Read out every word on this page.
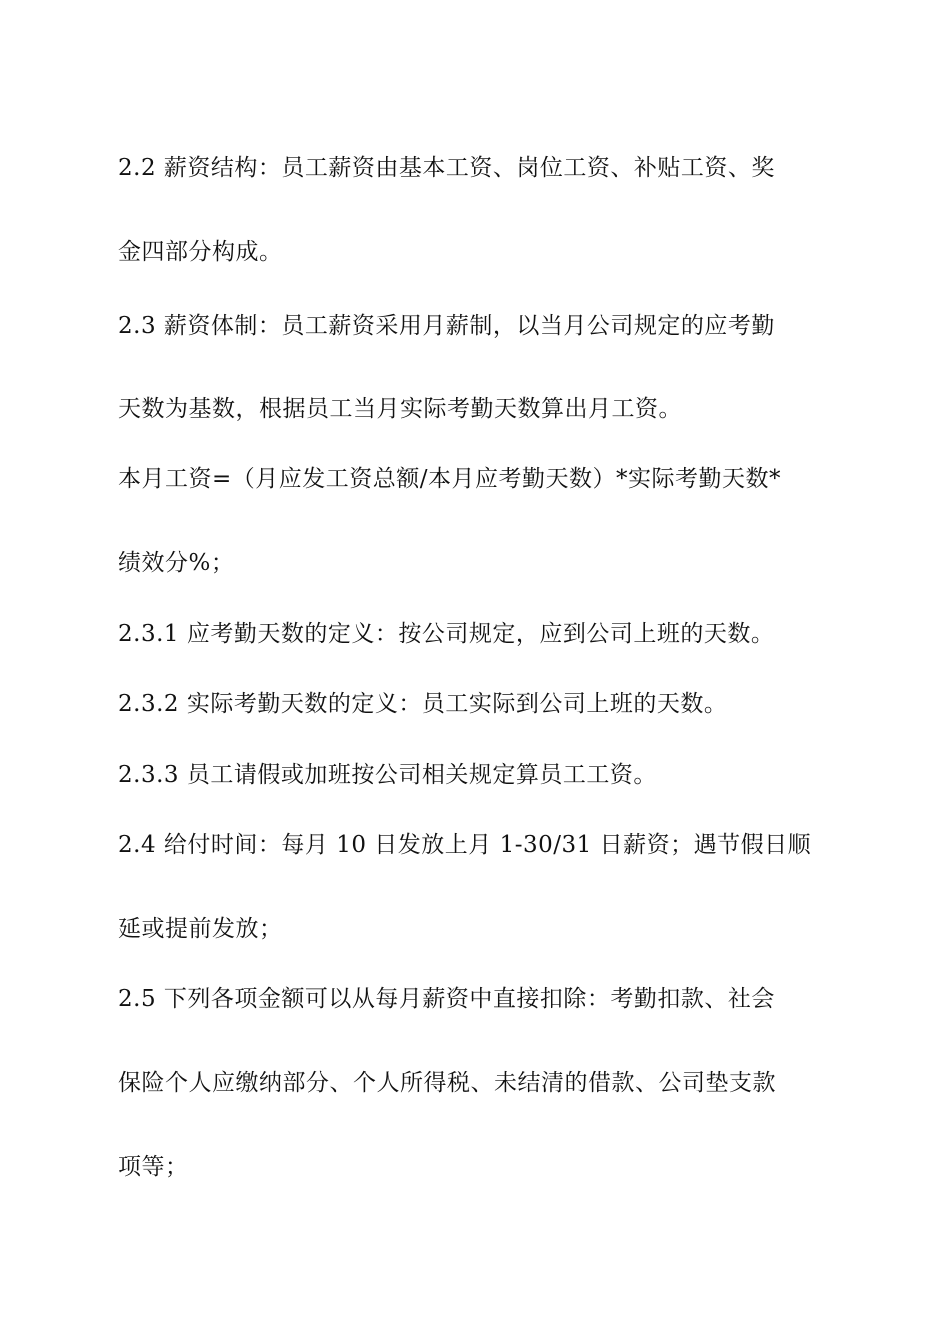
2.2 薪资结构：员工薪资由基本工资、岗位工资、补贴工资、奖
金四部分构成。
2.3 薪资体制：员工薪资采用月薪制，以当月公司规定的应考勤
天数为基数，根据员工当月实际考勤天数算出月工资。
本月工资=（月应发工资总额/本月应考勤天数）*实际考勤天数*
绩效分%；
2.3.1 应考勤天数的定义：按公司规定，应到公司上班的天数。
2.3.2 实际考勤天数的定义：员工实际到公司上班的天数。
2.3.3 员工请假或加班按公司相关规定算员工工资。
2.4 给付时间：每月 10 日发放上月 1-30/31 日薪资；遇节假日顺
延或提前发放；
2.5 下列各项金额可以从每月薪资中直接扣除：考勤扣款、社会
保险个人应缴纳部分、个人所得税、未结清的借款、公司垫支款
项等；
